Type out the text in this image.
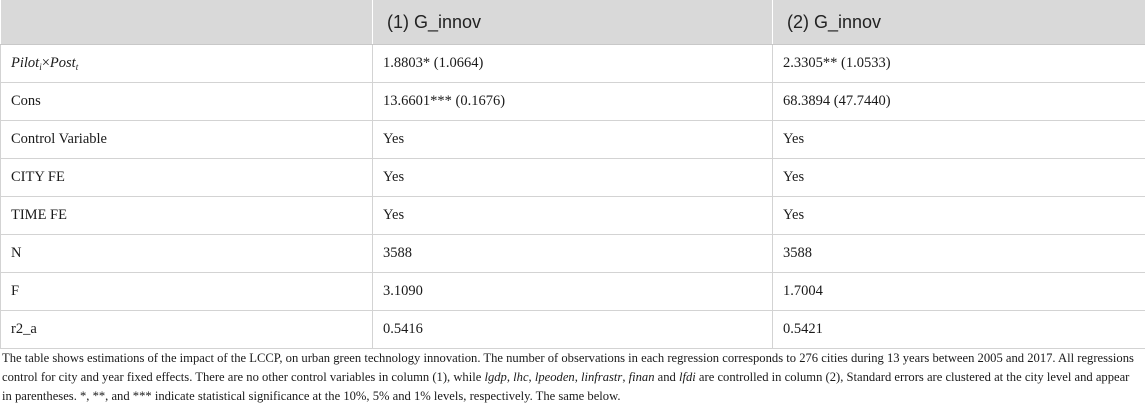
	(1) G_innov	(2) G_innov
Pilot$_i$×Post$_t$	1.8803* (1.0664)	2.3305** (1.0533)
Cons	13.6601*** (0.1676)	68.3894 (47.7440)
Control Variable	Yes	Yes
CITY FE	Yes	Yes
TIME FE	Yes	Yes
N	3588	3588
F	3.1090	1.7004
r2_a	0.5416	0.5421

The table shows estimations of the impact of the LCCP, on urban green technology innovation. The number of observations in each regression corresponds to 276 cities during 13 years between 2005 and 2017. All regressions control for city and year fixed effects. There are no other control variables in column (1), while lgdp, lhc, lpeoden, linfrastr, finan and lfdi are controlled in column (2), Standard errors are clustered at the city level and appear in parentheses. *, **, and *** indicate statistical significance at the 10%, 5% and 1% levels, respectively. The same below.
